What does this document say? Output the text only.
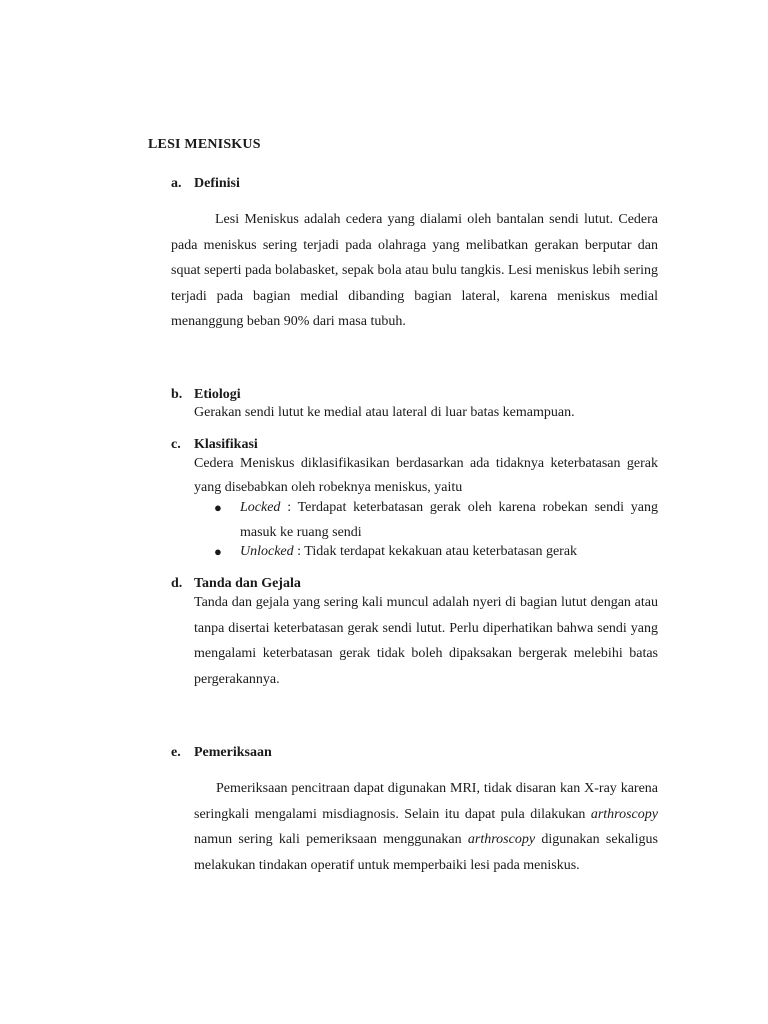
LESI MENISKUS
a. Definisi
Lesi Meniskus adalah cedera yang dialami oleh bantalan sendi lutut. Cedera pada meniskus sering terjadi pada olahraga yang melibatkan gerakan berputar dan squat seperti pada bolabasket, sepak bola atau bulu tangkis. Lesi meniskus lebih sering terjadi pada bagian medial dibanding bagian lateral, karena meniskus medial menanggung beban 90% dari masa tubuh.
b. Etiologi
Gerakan sendi lutut ke medial atau lateral di luar batas kemampuan.
c. Klasifikasi
Cedera Meniskus diklasifikasikan berdasarkan ada tidaknya keterbatasan gerak yang disebabkan oleh robeknya meniskus, yaitu
● Locked : Terdapat keterbatasan gerak oleh karena robekan sendi yang masuk ke ruang sendi
● Unlocked : Tidak terdapat kekakuan atau keterbatasan gerak
d. Tanda dan Gejala
Tanda dan gejala yang sering kali muncul adalah nyeri di bagian lutut dengan atau tanpa disertai keterbatasan gerak sendi lutut. Perlu diperhatikan bahwa sendi yang mengalami keterbatasan gerak tidak boleh dipaksakan bergerak melebihi batas pergerakannya.
e. Pemeriksaan
Pemeriksaan pencitraan dapat digunakan MRI, tidak disaran kan X-ray karena seringkali mengalami misdiagnosis. Selain itu dapat pula dilakukan arthroscopy namun sering kali pemeriksaan menggunakan arthroscopy digunakan sekaligus melakukan tindakan operatif untuk memperbaiki lesi pada meniskus.
